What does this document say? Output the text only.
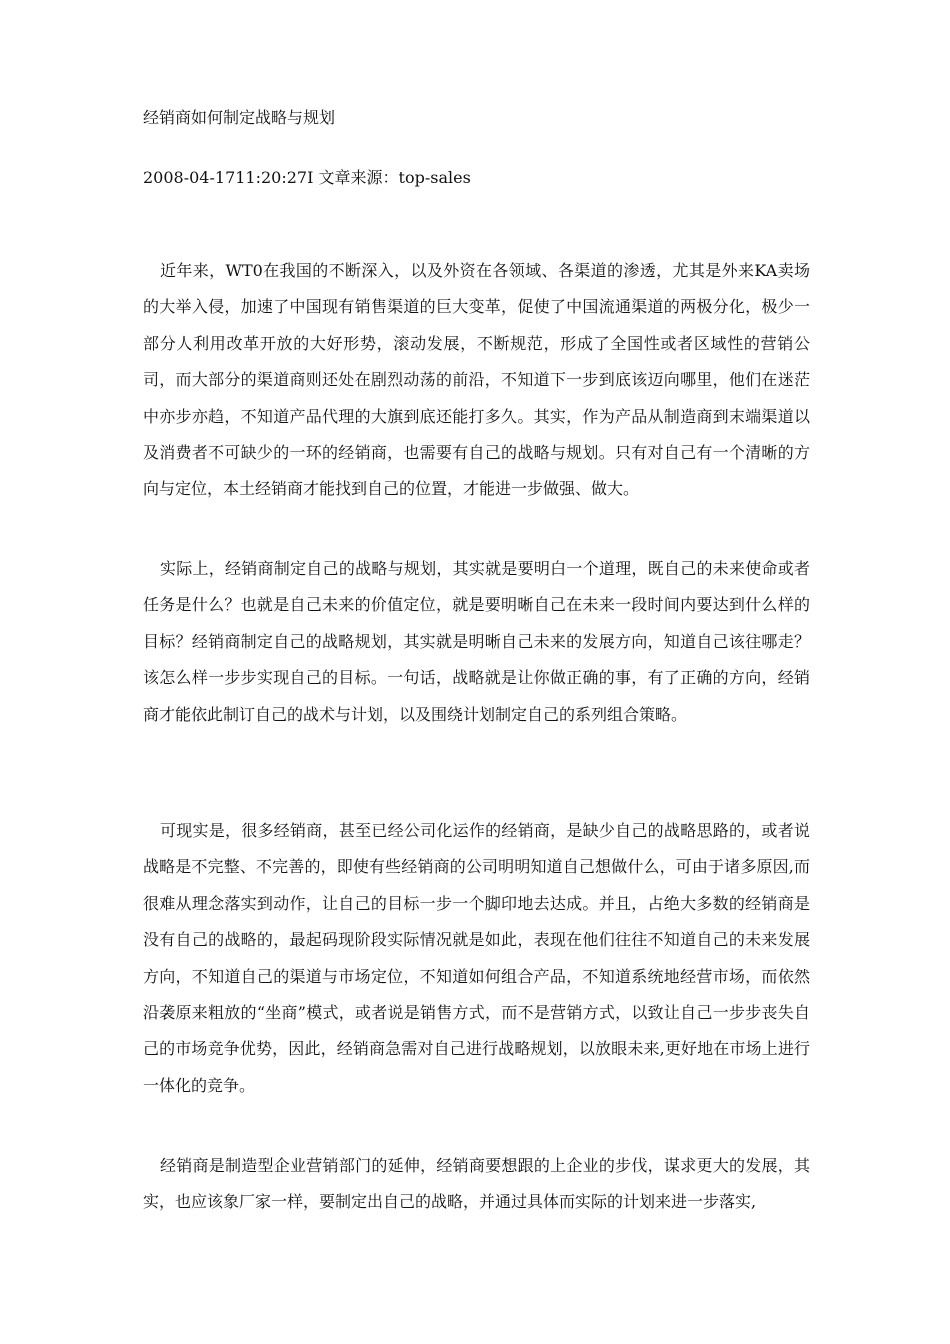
经销商如何制定战略与规划
2008-04-1711:20:27I 文章来源：top-sales

近年来，WT0在我国的不断深入，以及外资在各领域、各渠道的渗透，尤其是外来KA卖场的大举入侵，加速了中国现有销售渠道的巨大变革，促使了中国流通渠道的两极分化，极少一部分人利用改革开放的大好形势，滚动发展，不断规范，形成了全国性或者区域性的营销公司，而大部分的渠道商则还处在剧烈动荡的前沿，不知道下一步到底该迈向哪里，他们在迷茫中亦步亦趋，不知道产品代理的大旗到底还能打多久。其实，作为产品从制造商到末端渠道以及消费者不可缺少的一环的经销商，也需要有自己的战略与规划。只有对自己有一个清晰的方向与定位，本土经销商才能找到自己的位置，才能进一步做强、做大。

实际上，经销商制定自己的战略与规划，其实就是要明白一个道理，既自己的未来使命或者任务是什么？也就是自己未来的价值定位，就是要明晰自己在未来一段时间内要达到什么样的目标？经销商制定自己的战略规划，其实就是明晰自己未来的发展方向，知道自己该往哪走？该怎么样一步步实现自己的目标。一句话，战略就是让你做正确的事，有了正确的方向，经销商才能依此制订自己的战术与计划，以及围绕计划制定自己的系列组合策略。

可现实是，很多经销商，甚至已经公司化运作的经销商，是缺少自己的战略思路的，或者说战略是不完整、不完善的，即使有些经销商的公司明明知道自己想做什么，可由于诸多原因,而很难从理念落实到动作，让自己的目标一步一个脚印地去达成。并且，占绝大多数的经销商是没有自己的战略的，最起码现阶段实际情况就是如此，表现在他们往往不知道自己的未来发展方向，不知道自己的渠道与市场定位，不知道如何组合产品，不知道系统地经营市场，而依然沿袭原来粗放的“坐商”模式，或者说是销售方式，而不是营销方式，以致让自己一步步丧失自己的市场竞争优势，因此，经销商急需对自己进行战略规划，以放眼未来,更好地在市场上进行一体化的竞争。

经销商是制造型企业营销部门的延伸，经销商要想跟的上企业的步伐，谋求更大的发展，其实，也应该象厂家一样，要制定出自己的战略，并通过具体而实际的计划来进一步落实,
